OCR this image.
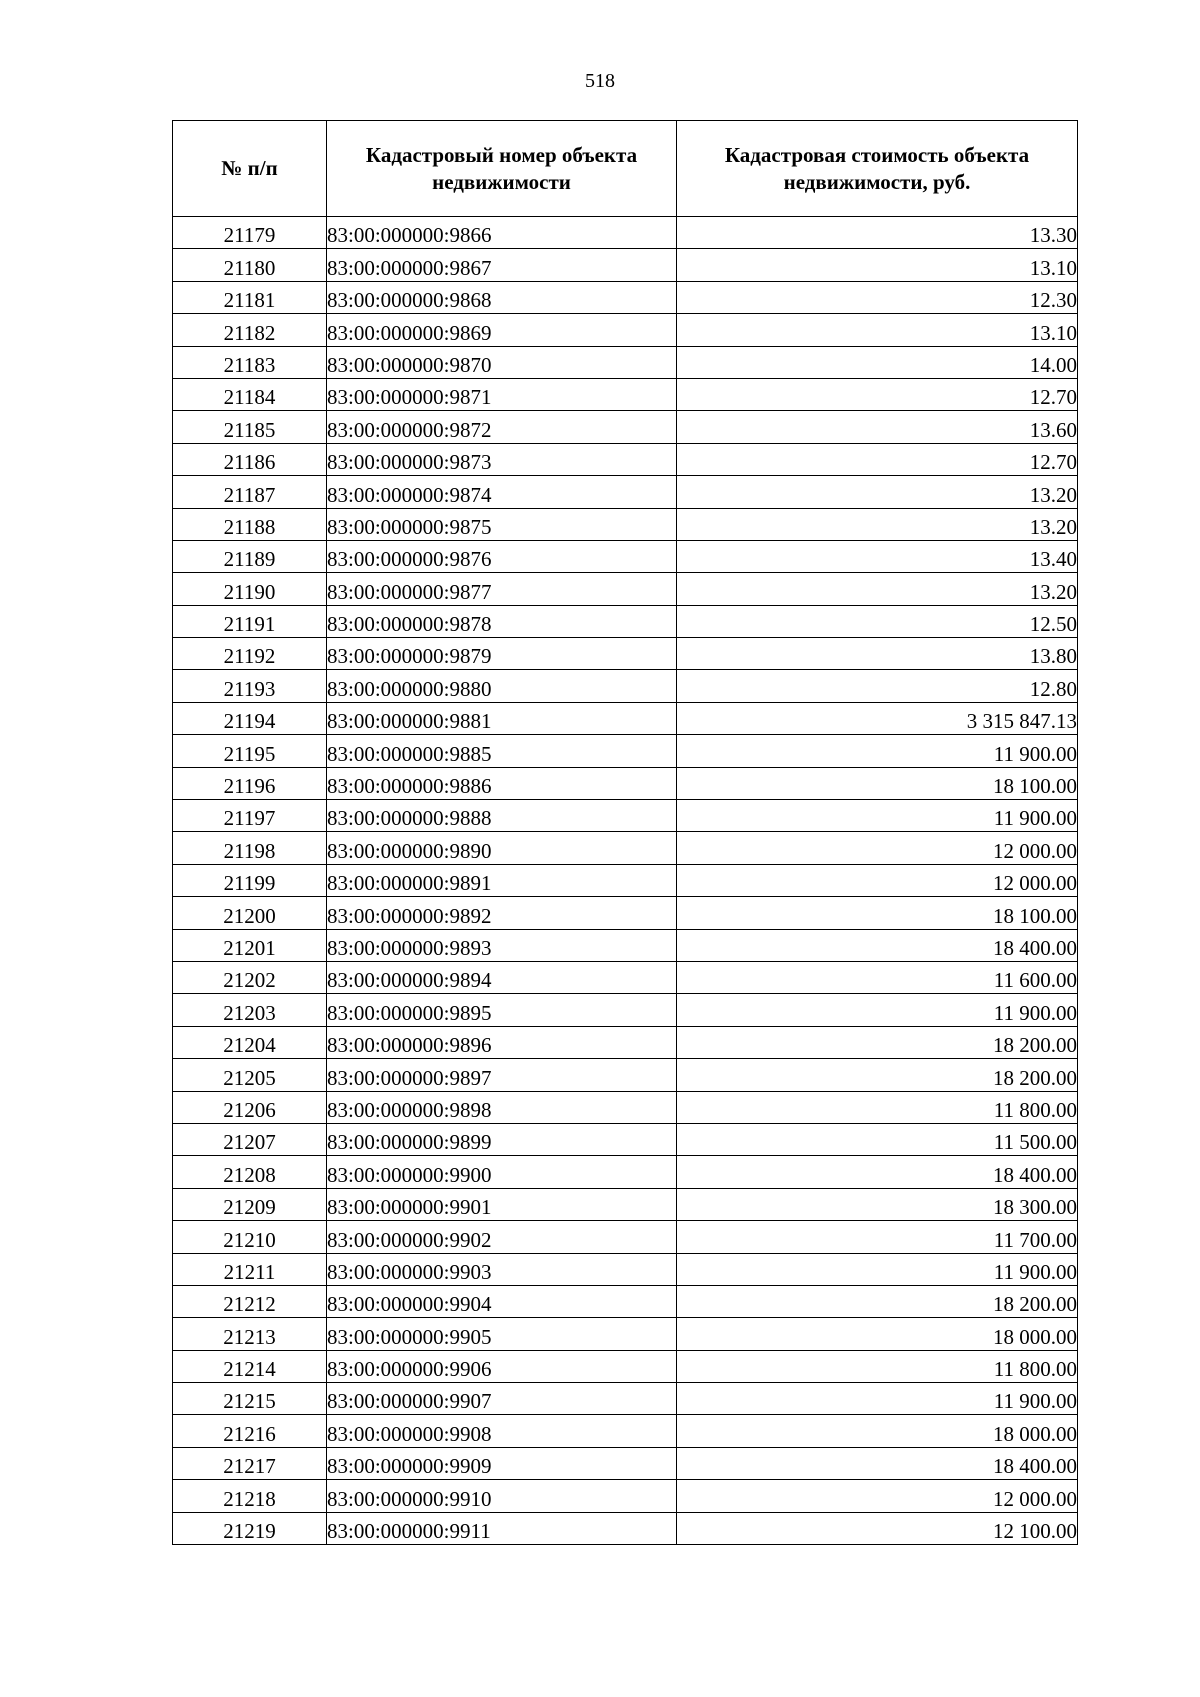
518
№ п/п	Кадастровый номер объекта недвижимости	Кадастровая стоимость объекта недвижимости, руб.
21179	83:00:000000:9866	13.30
21180	83:00:000000:9867	13.10
21181	83:00:000000:9868	12.30
21182	83:00:000000:9869	13.10
21183	83:00:000000:9870	14.00
21184	83:00:000000:9871	12.70
21185	83:00:000000:9872	13.60
21186	83:00:000000:9873	12.70
21187	83:00:000000:9874	13.20
21188	83:00:000000:9875	13.20
21189	83:00:000000:9876	13.40
21190	83:00:000000:9877	13.20
21191	83:00:000000:9878	12.50
21192	83:00:000000:9879	13.80
21193	83:00:000000:9880	12.80
21194	83:00:000000:9881	3 315 847.13
21195	83:00:000000:9885	11 900.00
21196	83:00:000000:9886	18 100.00
21197	83:00:000000:9888	11 900.00
21198	83:00:000000:9890	12 000.00
21199	83:00:000000:9891	12 000.00
21200	83:00:000000:9892	18 100.00
21201	83:00:000000:9893	18 400.00
21202	83:00:000000:9894	11 600.00
21203	83:00:000000:9895	11 900.00
21204	83:00:000000:9896	18 200.00
21205	83:00:000000:9897	18 200.00
21206	83:00:000000:9898	11 800.00
21207	83:00:000000:9899	11 500.00
21208	83:00:000000:9900	18 400.00
21209	83:00:000000:9901	18 300.00
21210	83:00:000000:9902	11 700.00
21211	83:00:000000:9903	11 900.00
21212	83:00:000000:9904	18 200.00
21213	83:00:000000:9905	18 000.00
21214	83:00:000000:9906	11 800.00
21215	83:00:000000:9907	11 900.00
21216	83:00:000000:9908	18 000.00
21217	83:00:000000:9909	18 400.00
21218	83:00:000000:9910	12 000.00
21219	83:00:000000:9911	12 100.00
